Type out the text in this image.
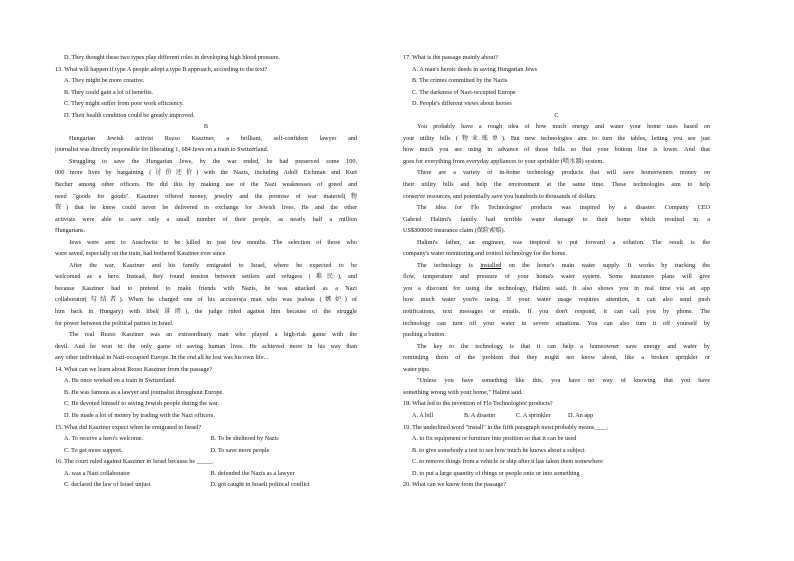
D. They thought these two types play different roles in developing high blood pressure.
13. What will happen if type A people adopt a type B approach, according to the text?
A. They might be more creative.
B. They could gain a lot of benefits.
C. They might suffer from poor work efficiency.
D. Their health condition could be greatly improved.
B
Hungarian Jewish activist Rezso Kasztner, a brilliant, self-confident lawyer and
journalist was directly responsible for liberating 1, 684 Jews on a train to Switzerland.
Struggling to save the Hungarian Jews, by the war ended, he had preserved some 100,
000 more lives by bargaining (讨价还价) with the Nazis, including Adolf Eichman and Kurt
Becher among other officers. He did this by making use of the Nazi weaknesses of greed and
need "goods for goods". Kasztner offered money, jewelry and the promise of war materiel(物
资) that he knew could never be delivered in exchange for Jewish lives. He and the other
activists were able to save only a small number of their people, as nearly half a million
Hungarians.
Jews were sent to Auschwitz to be killed in just few months. The selection of those who
were saved, especially on the train, had bothered Kasztner ever since.
After the war, Kasztner and his family emigrated to Israel, where he expected to be
welcomed as a hero. Instead, they found tension between settlers and refugees (难民), and
because Kasztner had to pretend to make friends with Nazis, he was attacked as a Nazi
collaborator(勾结者). When he charged one of his accusers(a man who was jealous (嫉妒) of
him back in Hungary) with libel(诽谤), the judge ruled against him because of the struggle
for power between the political parties in Israel.
The real Rezso Kasztner was an extraordinary man who played a high-risk game with the
devil. And he won in the only game of saving human lives. He achieved more in his way than
any other individual in Nazi-occupied Europe. In the end all he lost was his own life...
14. What can we learn about Rezso Kasztner from the passage?
A. He once worked on a train in Switzerland.
B. He was famous as a lawyer and journalist throughout Europe.
C. He devoted himself to saving Jewish people during the war.
D. He made a lot of money by trading with the Nazi officers.
15. What did Kasztner expect when he emigrated to Israel?
A. To receive a hero's welcome.	B. To be sheltered by Nazis
C. To get more support.	D. To save more people
16. The court ruled against Kasztner in Israel because he _____.
A. was a Nazi collaborator	B. defended the Nazis as a lawyer
C. declared the law of Israel unjust	D. got caught in Israeli political conflict
17. What is the passage mainly about?
A. A man's heroic deeds in saving Hungarian Jews
B. The crimes committed by the Nazis
C. The darkness of Nazi-occupied Europe
D. People's different views about heroes
C
You probably have a rough idea of how much energy and water your home uses based on
your utility bills (物业账单). But new technologies aim to turn the tables, letting you see just
how much you are using in advance of those bills so that your bottom line is lower. And that
goes for everything from everyday appliances to your sprinkler (喷水器) system.
There are a variety of in-home technology products that will save homeowners money on
their utility bills and help the environment at the same time. These technologies aim to help
conserve resources, and potentially save you hundreds to thousands of dollars.
The idea for Flo Technologies' products was inspired by a disaster. Company CEO
Gabriel Halimi's family had terrible water damage to their home which resulted in a
US$300000 insurance claim (保险索赔).
Halimi's father, an engineer, was inspired to put forward a solution. The result is the
company's water monitoring and control technology for the home.
The technology is installed on the home's main water supply. It works by tracking the
flow, temperature and pressure of your home's water system. Some insurance plans will give
you a discount for using the technology, Halimi said. It also shows you in real time via an app
how much water you're using. If your water usage requires attention, it can also send push
notifications, text messages or emails. If you don't respond, it can call you by phone. The
technology can turn off your water in severe situations. You can also turn it off yourself by
pushing a button.
The key to the technology is that it can help a homeowner save energy and water by
reminding them of the problem that they might not know about, like a broken sprinkler or
water pipe.
"Unless you have something like this, you have no way of knowing that you have
something wrong with your home," Halimi said.
18. What led to the invention of Flo Technologies' products?
A. A bill	B. A disaster	C. A sprinkler	D. An app
19. The underlined word "install" in the fifth paragraph most probably means____.
A. to fix equipment or furniture into position so that it can be used
B. to give somebody a test to see how much he knows about a subject
C. to remove things from a vehicle or ship after it has taken them somewhere
D. to put a large quantity of things or people onto or into something
20. What can we know from the passage?
